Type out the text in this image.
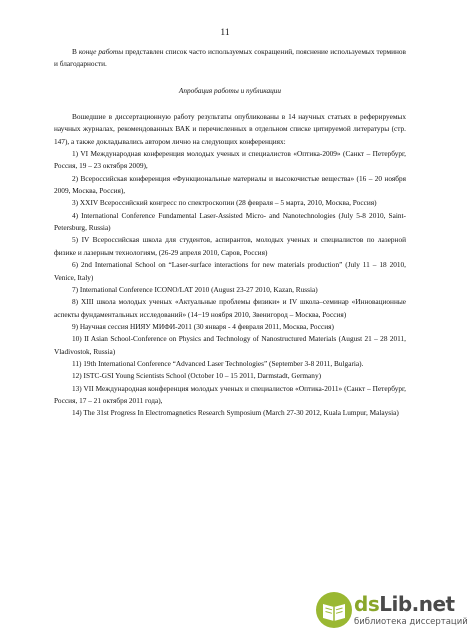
11

В конце работы представлен список часто используемых сокращений, пояснение используемых терминов и благодарности.

Апробация работы и публикации

Вошедшие в диссертационную работу результаты опубликованы в 14 научных статьях в реферируемых научных журналах, рекомендованных ВАК и перечисленных в отдельном списке цитируемой литературы (стр. 147), а также докладывались автором лично на следующих конференциях:

1) VI Международная конференция молодых ученых и специалистов «Оптика-2009» (Санкт – Петербург, Россия, 19 – 23 октября 2009),

2) Всероссийская конференция «Функциональные материалы и высокочистые вещества» (16 – 20 ноября 2009, Москва, Россия),

3) XXIV Всероссийский конгресс по спектроскопии (28 февраля – 5 марта, 2010, Москва, Россия)

4) International Conference Fundamental Laser-Assisted Micro- and Nanotechnologies (July 5-8 2010, Saint-Petersburg, Russia)

5) IV Всероссийская школа для студентов, аспирантов, молодых ученых и специалистов по лазерной физике и лазерным технологиям, (26-29 апреля 2010, Саров, Россия)

6) 2nd International School on “Laser-surface interactions for new materials production” (July 11 – 18 2010, Venice, Italy)

7) International Conference ICONO/LAT 2010 (August 23-27 2010, Kazan, Russia)

8) XIII школа молодых ученых «Актуальные проблемы физики» и IV школа–семинар «Инновационные аспекты фундаментальных исследований» (14−19 ноября 2010, Звенигород – Москва, Россия)

9) Научная сессия НИЯУ МИФИ-2011 (30 января - 4 февраля 2011, Москва, Россия)

10) II Asian School-Conference on Physics and Technology of Nanostructured Materials (August 21 – 28 2011, Vladivostok, Russia)

11) 19th International Conference “Advanced Laser Technologies” (September 3-8 2011, Bulgaria).

12) ISTC-GSI Young Scientists School (October 10 – 15 2011, Darmstadt, Germany)

13) VII Международная конференция молодых ученых и специалистов «Оптика-2011» (Санкт – Петербург, Россия, 17 – 21 октября 2011 года),

14) The 31st Progress In Electromagnetics Research Symposium (March 27-30 2012, Kuala Lumpur, Malaysia)

dsLib.net
библиотека диссертаций
